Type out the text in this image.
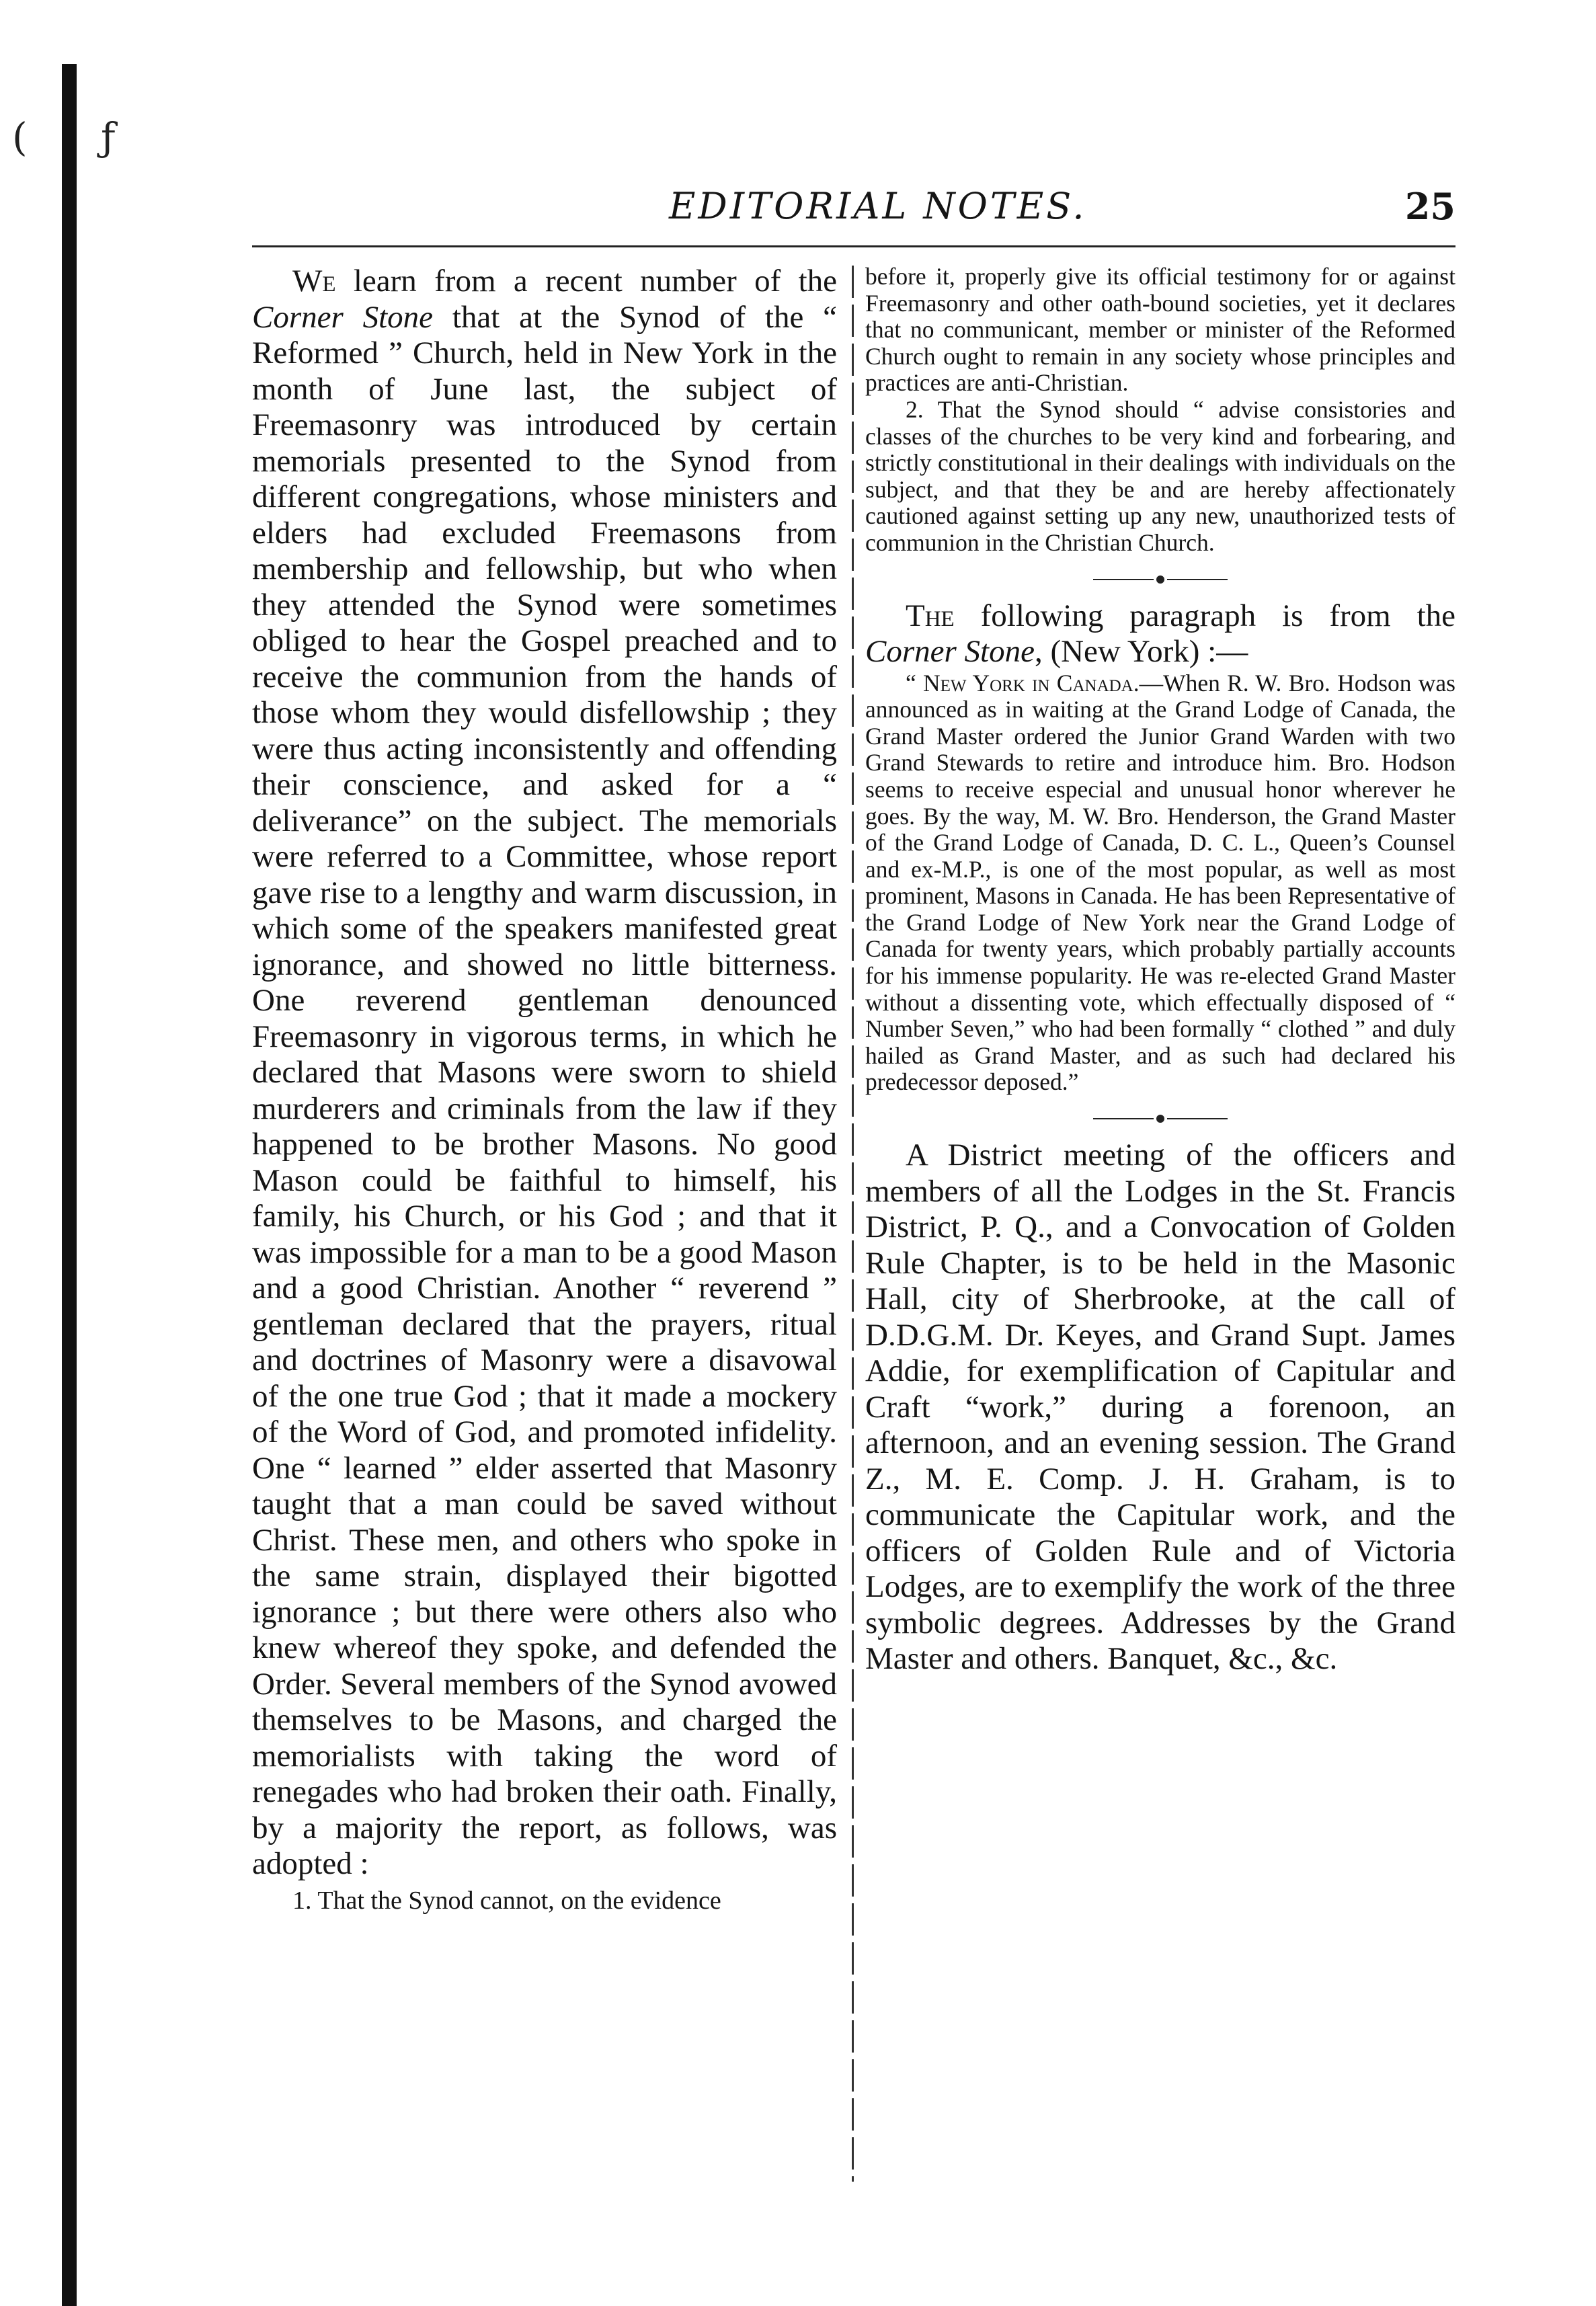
( ƒ
EDITORIAL NOTES.	25

We learn from a recent number of the Corner Stone that at the Synod of the “ Reformed ” Church, held in New York in the month of June last, the subject of Freemasonry was introduced by certain memorials presented to the Synod from different congregations, whose ministers and elders had excluded Freemasons from membership and fellowship, but who when they attended the Synod were sometimes obliged to hear the Gospel preached and to receive the communion from the hands of those whom they would disfellowship ; they were thus acting inconsistently and offending their conscience, and asked for a “ deliverance” on the subject. The memorials were referred to a Committee, whose report gave rise to a lengthy and warm discussion, in which some of the speakers manifested great ignorance, and showed no little bitterness. One reverend gentleman denounced Freemasonry in vigorous terms, in which he declared that Masons were sworn to shield murderers and criminals from the law if they happened to be brother Masons. No good Mason could be faithful to himself, his family, his Church, or his God ; and that it was impossible for a man to be a good Mason and a good Christian. Another “ reverend ” gentleman declared that the prayers, ritual and doctrines of Masonry were a disavowal of the one true God ; that it made a mockery of the Word of God, and promoted infidelity. One “ learned ” elder asserted that Masonry taught that a man could be saved without Christ. These men, and others who spoke in the same strain, displayed their bigotted ignorance ; but there were others also who knew whereof they spoke, and defended the Order. Several members of the Synod avowed themselves to be Masons, and charged the memorialists with taking the word of renegades who had broken their oath. Finally, by a majority the report, as follows, was adopted :

1. That the Synod cannot, on the evidence

before it, properly give its official testimony for or against Freemasonry and other oath-bound societies, yet it declares that no communicant, member or minister of the Reformed Church ought to remain in any society whose principles and practices are anti-Christian.

2. That the Synod should “ advise consistories and classes of the churches to be very kind and forbearing, and strictly constitutional in their dealings with individuals on the subject, and that they be and are hereby affectionately cautioned against setting up any new, unauthorized tests of communion in the Christian Church.

The following paragraph is from the Corner Stone, (New York) :—

“ New York in Canada.—When R. W. Bro. Hodson was announced as in waiting at the Grand Lodge of Canada, the Grand Master ordered the Junior Grand Warden with two Grand Stewards to retire and introduce him. Bro. Hodson seems to receive especial and unusual honor wherever he goes. By the way, M. W. Bro. Henderson, the Grand Master of the Grand Lodge of Canada, D. C. L., Queen’s Counsel and ex-M.P., is one of the most popular, as well as most prominent, Masons in Canada. He has been Representative of the Grand Lodge of New York near the Grand Lodge of Canada for twenty years, which probably partially accounts for his immense popularity. He was re-elected Grand Master without a dissenting vote, which effectually disposed of “ Number Seven,” who had been formally “ clothed ” and duly hailed as Grand Master, and as such had declared his predecessor deposed.”

A District meeting of the officers and members of all the Lodges in the St. Francis District, P. Q., and a Convocation of Golden Rule Chapter, is to be held in the Masonic Hall, city of Sherbrooke, at the call of D.D.G.M. Dr. Keyes, and Grand Supt. James Addie, for exemplification of Capitular and Craft “work,” during a forenoon, an afternoon, and an evening session. The Grand Z., M. E. Comp. J. H. Graham, is to communicate the Capitular work, and the officers of Golden Rule and of Victoria Lodges, are to exemplify the work of the three symbolic degrees. Addresses by the Grand Master and others. Banquet, &c., &c.
